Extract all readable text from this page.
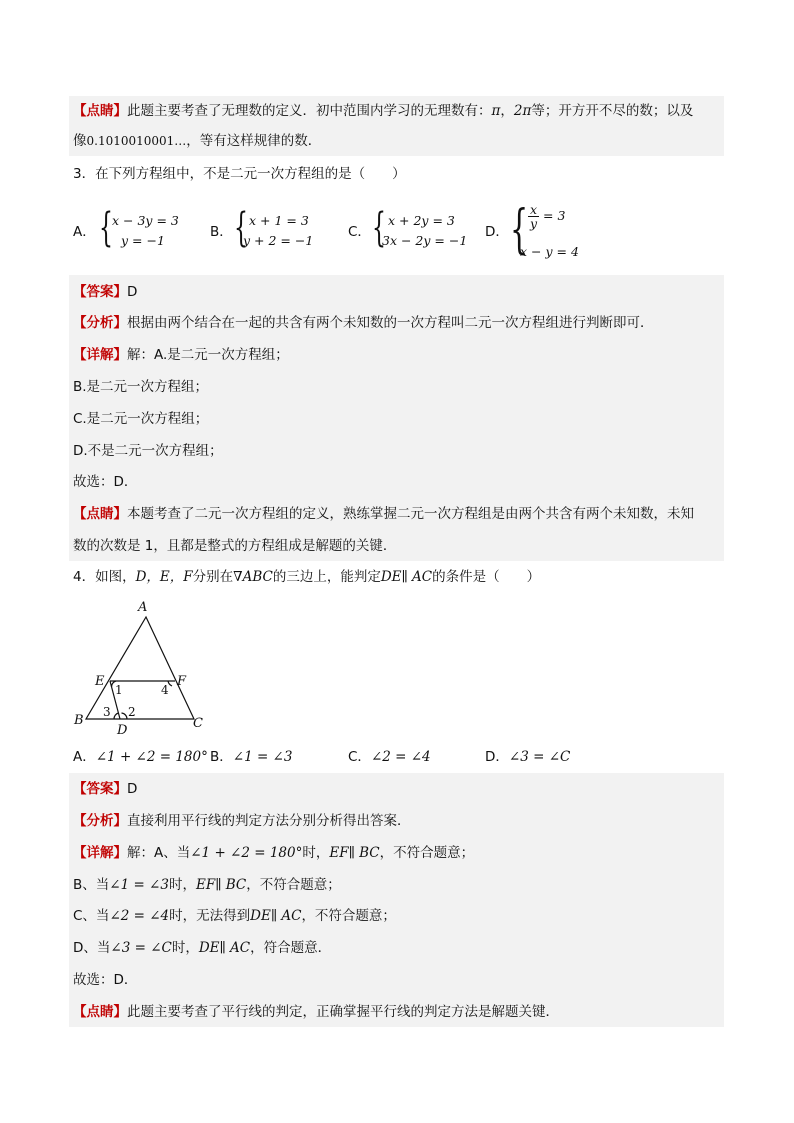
【点睛】此题主要考查了无理数的定义．初中范围内学习的无理数有：π，2π等；开方开不尽的数；以及
像0.1010010001…，等有这样规律的数．
3．在下列方程组中，不是二元一次方程组的是（　　）
A． { x − 3y = 3
y = −1
B． { x + 1 = 3
y + 2 = −1
C． { x + 2y = 3
3x − 2y = −1
D． { $\frac{x}{y} = 3$
x − y = 4
【答案】D
【分析】根据由两个结合在一起的共含有两个未知数的一次方程叫二元一次方程组进行判断即可．
【详解】解：A.是二元一次方程组；
B.是二元一次方程组；
C.是二元一次方程组；
D.不是二元一次方程组；
故选：D．
【点睛】本题考查了二元一次方程组的定义，熟练掌握二元一次方程组是由两个共含有两个未知数，未知
数的次数是 1，且都是整式的方程组成是解题的关键．
4．如图，D，E，F分别在∇ABC的三边上，能判定DE∥ AC的条件是（　　）
A
E	F
B
D	C
1	4
3 2
A．∠1 + ∠2 = 180° B．∠1 = ∠3	C．∠2 = ∠4	D．∠3 = ∠C
【答案】D
【分析】直接利用平行线的判定方法分别分析得出答案．
【详解】解：A、当∠1 + ∠2 = 180°时，EF∥ BC，不符合题意；
B、当∠1 = ∠3时，EF∥ BC，不符合题意；
C、当∠2 = ∠4时，无法得到DE∥ AC，不符合题意；
D、当∠3 = ∠C时，DE∥ AC，符合题意．
故选：D．
【点睛】此题主要考查了平行线的判定，正确掌握平行线的判定方法是解题关键．
